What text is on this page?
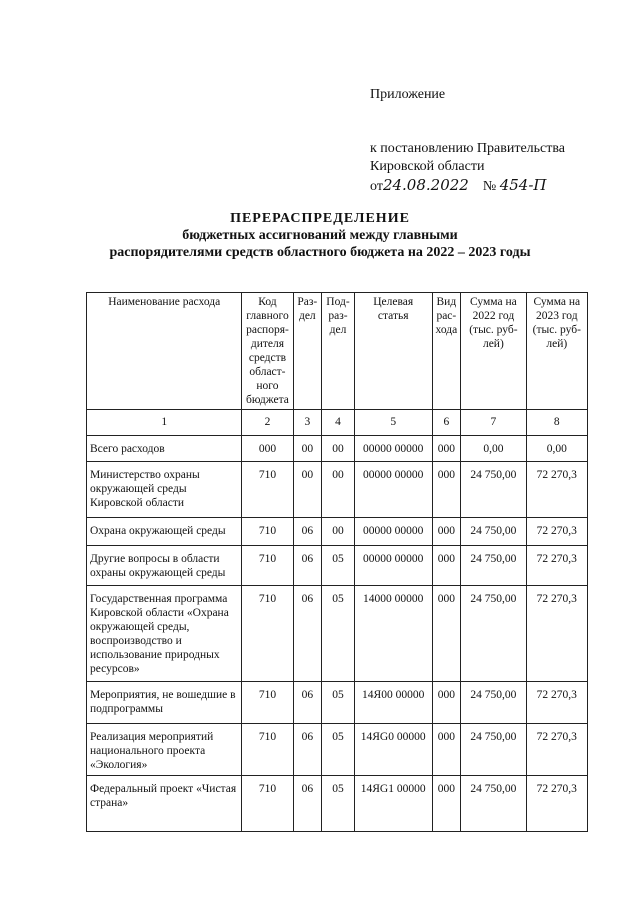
Приложение
к постановлению Правительства
Кировской области
от24.08.2022 № 454-П
ПЕРЕРАСПРЕДЕЛЕНИЕ
бюджетных ассигнований между главными
распорядителями средств областного бюджета на 2022 – 2023 годы
Наименование расхода	Код главного распоря-дителя средств област-ного бюджета	Раз-дел	Под-раз-дел	Целевая статья	Вид рас-хода	Сумма на 2022 год (тыс. руб-лей)	Сумма на 2023 год (тыс. руб-лей)
1	2	3	4	5	6	7	8
Всего расходов	000	00	00	00000 00000	000	0,00	0,00
Министерство охраны окружающей среды Кировской области	710	00	00	00000 00000	000	24 750,00	72 270,3
Охрана окружающей среды	710	06	00	00000 00000	000	24 750,00	72 270,3
Другие вопросы в области охраны окружающей среды	710	06	05	00000 00000	000	24 750,00	72 270,3
Государственная программа Кировской области «Охрана окружающей среды, воспроизводство и использование природных ресурсов»	710	06	05	14000 00000	000	24 750,00	72 270,3
Мероприятия, не вошедшие в подпрограммы	710	06	05	14Я00 00000	000	24 750,00	72 270,3
Реализация мероприятий национального проекта «Экология»	710	06	05	14ЯG0 00000	000	24 750,00	72 270,3
Федеральный проект «Чистая страна»	710	06	05	14ЯG1 00000	000	24 750,00	72 270,3
